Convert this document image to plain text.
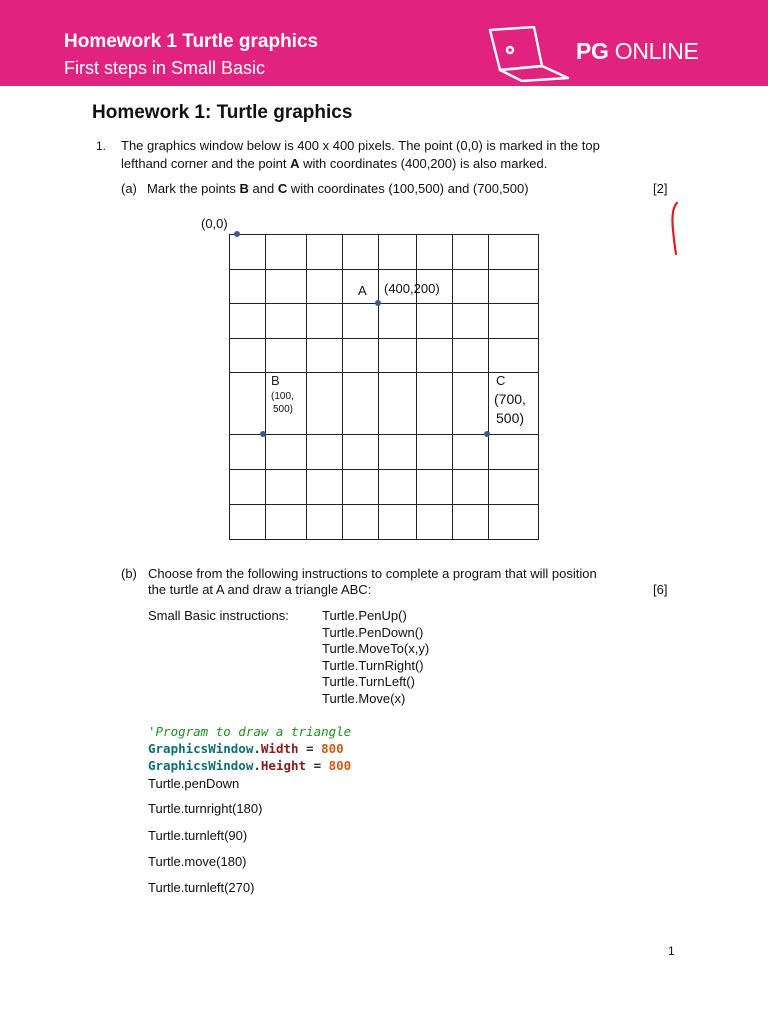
Homework 1 Turtle graphics
First steps in Small Basic
PG ONLINE
Homework 1: Turtle graphics
1. The graphics window below is 400 x 400 pixels. The point (0,0) is marked in the top
lefthand corner and the point A with coordinates (400,200) is also marked.
(a) Mark the points B and C with coordinates (100,500) and (700,500)	[2]
(0,0)
A (400,200)
B
(100,
500)
C
(700,
500)
(b) Choose from the following instructions to complete a program that will position
the turtle at A and draw a triangle ABC:	[6]
Small Basic instructions:	Turtle.PenUp()
Turtle.PenDown()
Turtle.MoveTo(x,y)
Turtle.TurnRight()
Turtle.TurnLeft()
Turtle.Move(x)
'Program to draw a triangle
GraphicsWindow.Width = 800
GraphicsWindow.Height = 800
Turtle.penDown
Turtle.turnright(180)
Turtle.turnleft(90)
Turtle.move(180)
Turtle.turnleft(270)
1
